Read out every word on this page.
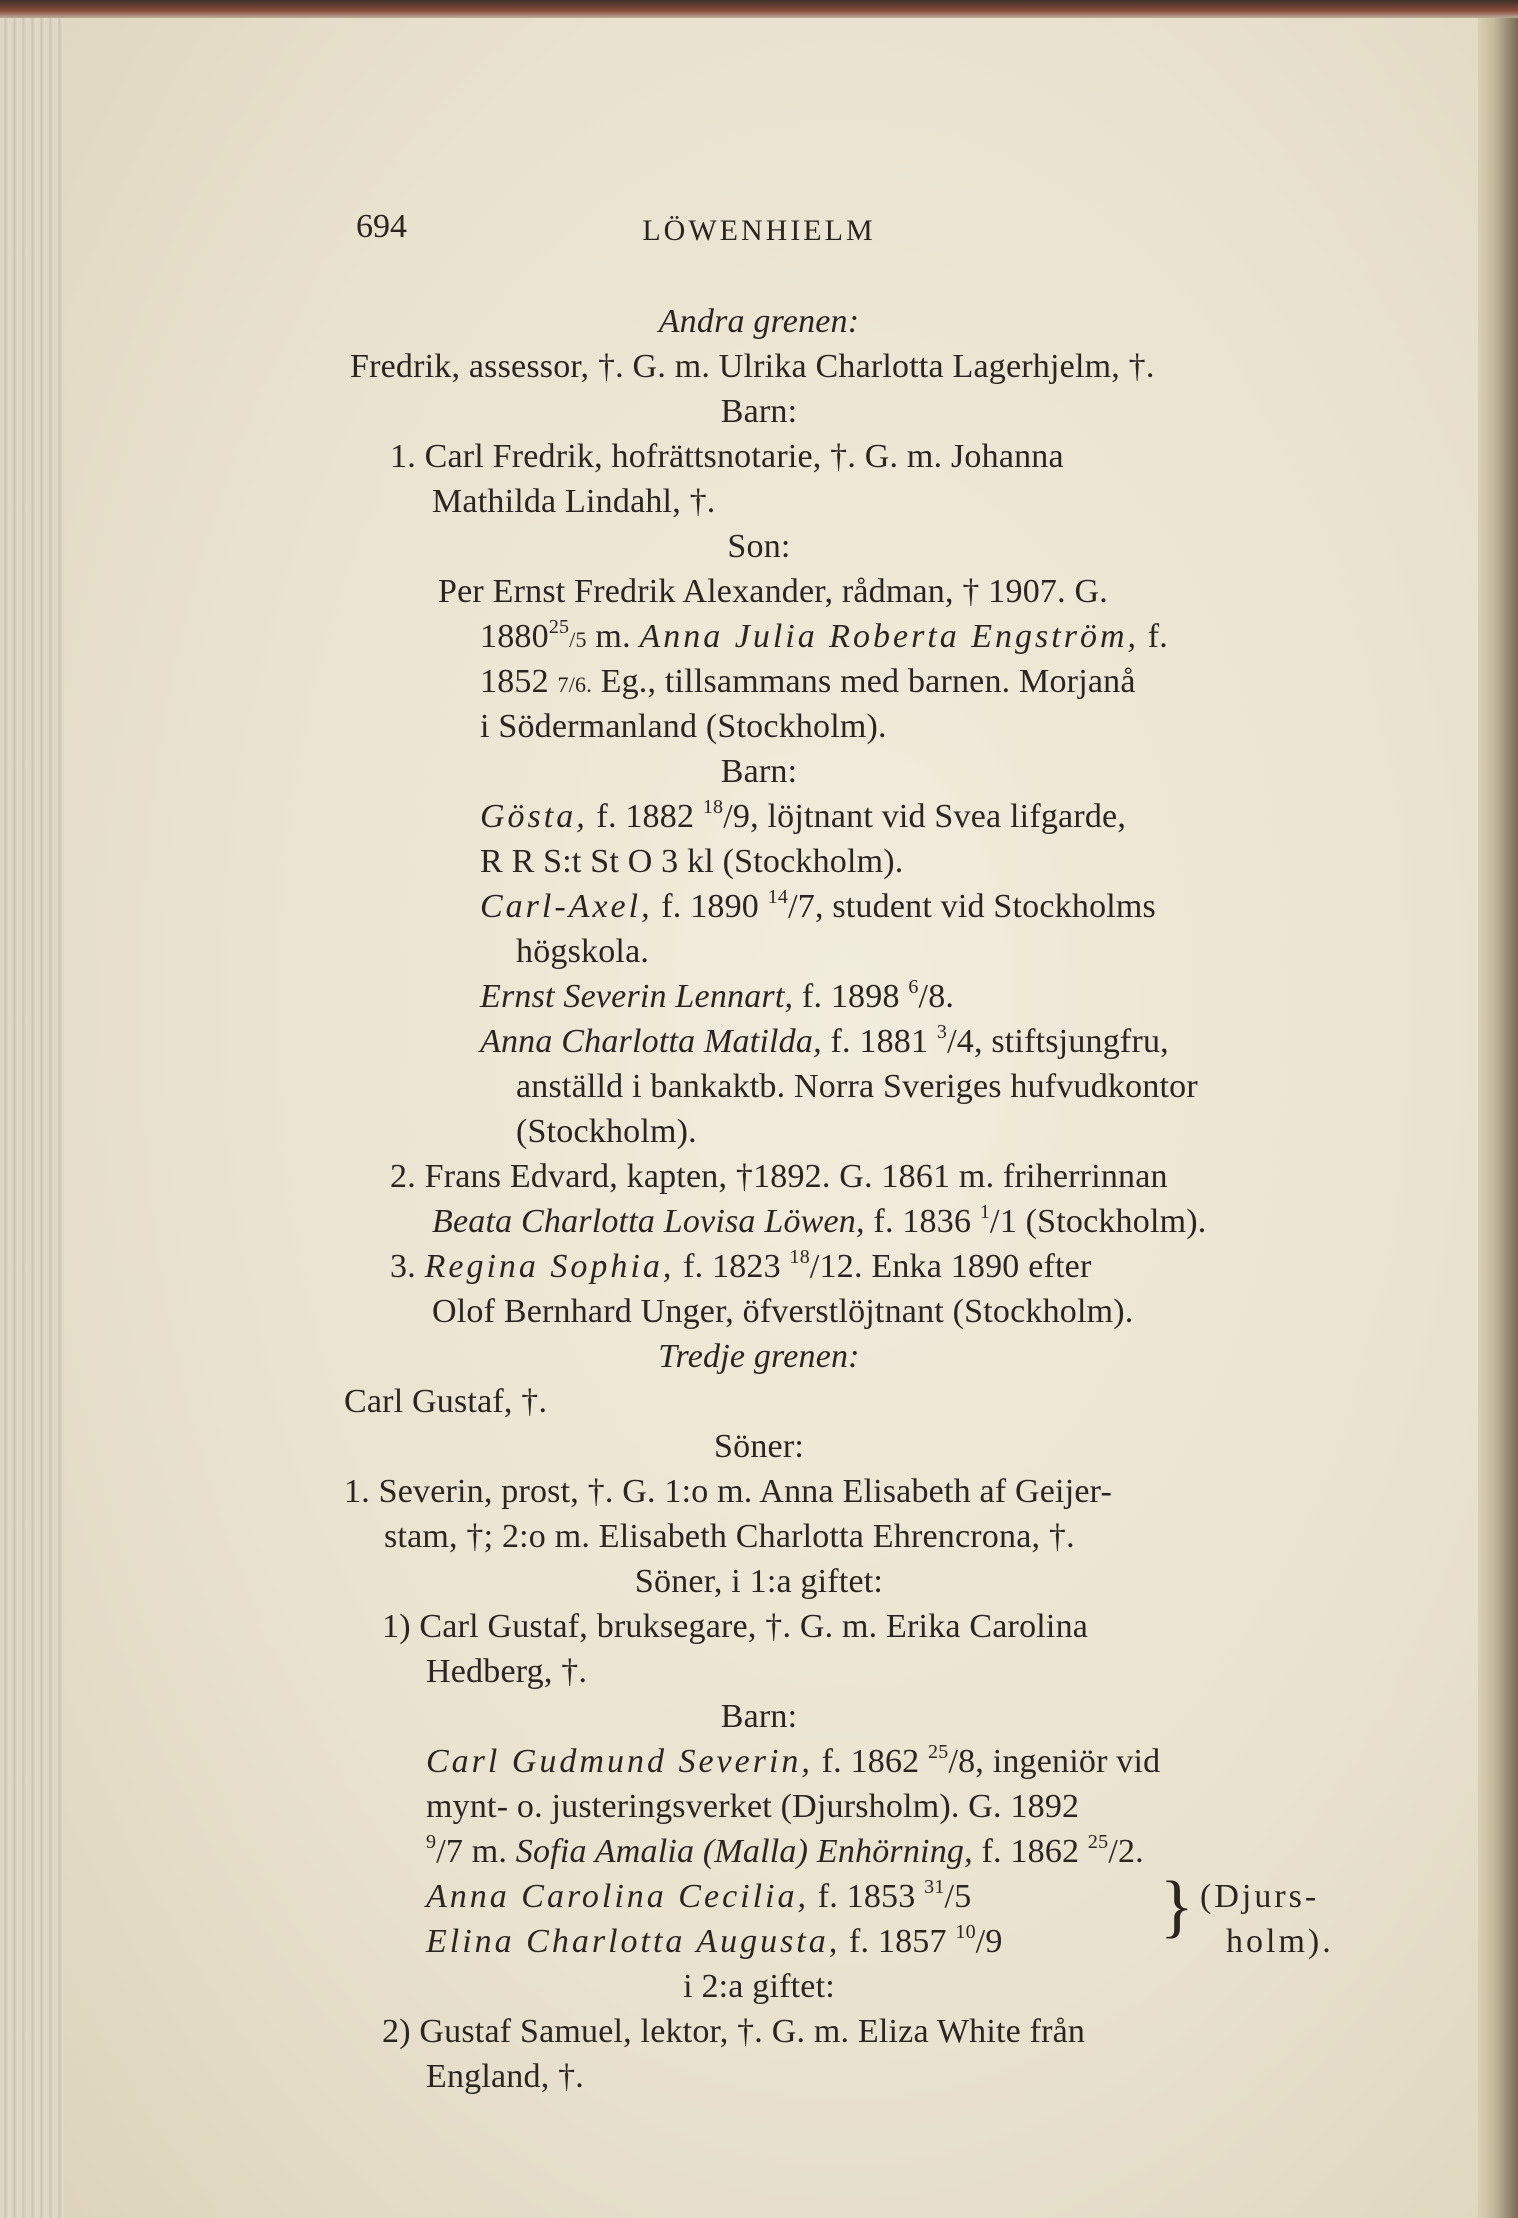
694	LÖWENHIELM
Andra grenen:
Fredrik, assessor, †. G. m. Ulrika Charlotta Lagerhjelm, †.
Barn:
1. Carl Fredrik, hofrättsnotarie, †. G. m. Johanna
Mathilda Lindahl, †.
Son:
Per Ernst Fredrik Alexander, rådman, † 1907. G.
1880$^{25}$/5 m. Anna Julia Roberta Engström, f.
1852 7/6. Eg., tillsammans med barnen. Morjanå
i Södermanland (Stockholm).
Barn:
Gösta, f. 1882 $^{18}$/9, löjtnant vid Svea lifgarde,
R R S:t St O 3 kl (Stockholm).
Carl-Axel, f. 1890 $^{14}$/7, student vid Stockholms
högskola.
Ernst Severin Lennart, f. 1898 $^6$/8.
Anna Charlotta Matilda, f. 1881 $^3$/4, stiftsjungfru,
anställd i bankaktb. Norra Sveriges hufvudkontor
(Stockholm).
2. Frans Edvard, kapten, †1892. G. 1861 m. friherrinnan
Beata Charlotta Lovisa Löwen, f. 1836 $^1$/1 (Stockholm).
3. Regina Sophia, f. 1823 $^{18}$/12. Enka 1890 efter
Olof Bernhard Unger, öfverstlöjtnant (Stockholm).
Tredje grenen:
Carl Gustaf, †.
Söner:
1. Severin, prost, †. G. 1:o m. Anna Elisabeth af Geijer-
stam, †; 2:o m. Elisabeth Charlotta Ehrencrona, †.
Söner, i 1:a giftet:
1) Carl Gustaf, bruksegare, †. G. m. Erika Carolina
Hedberg, †.
Barn:
Carl Gudmund Severin, f. 1862 $^{25}$/8, ingeniör vid
mynt- o. justeringsverket (Djursholm). G. 1892
$^9$/7 m. Sofia Amalia (Malla) Enhörning, f. 1862 $^{25}$/2.
Anna Carolina Cecilia, f. 1853 $^{31}$/5
Elina Charlotta Augusta, f. 1857 $^{10}$/9 } (Djurs-
holm).
i 2:a giftet:
2) Gustaf Samuel, lektor, †. G. m. Eliza White från
England, †.
